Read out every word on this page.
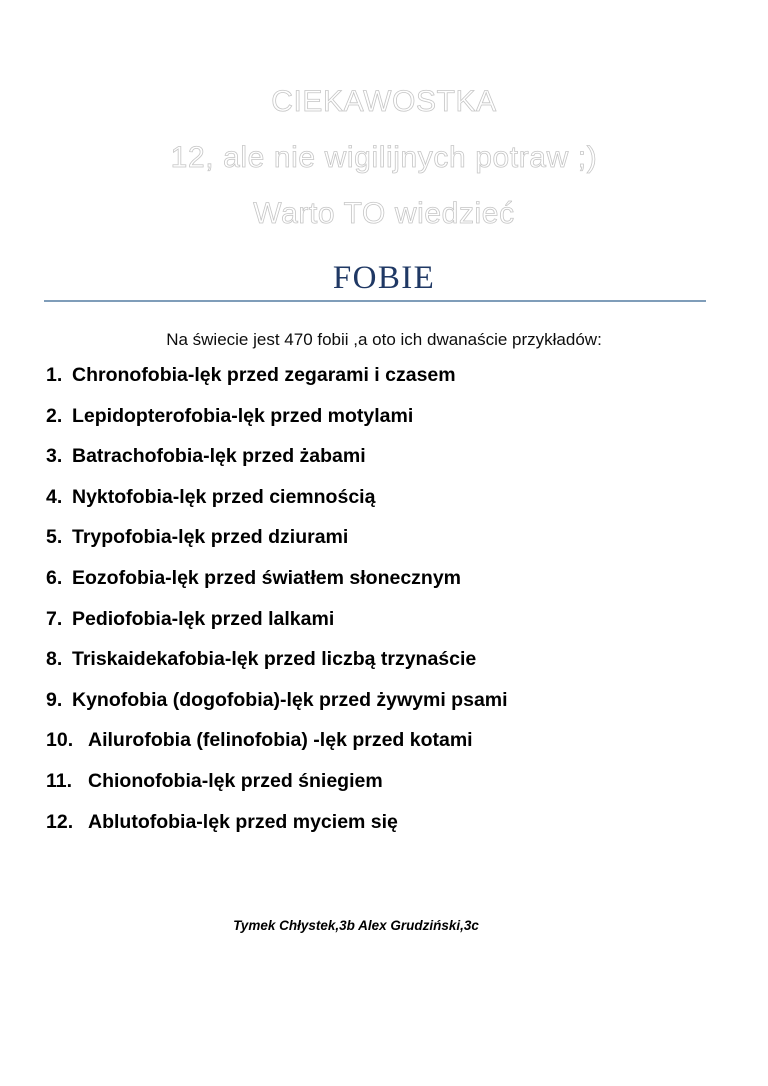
CIEKAWOSTKA
12, ale nie wigilijnych potraw ;)
Warto TO wiedzieć
FOBIE
Na świecie jest 470 fobii ,a oto ich dwanaście przykładów:
1. Chronofobia-lęk przed zegarami i czasem
2. Lepidopterofobia-lęk przed motylami
3. Batrachofobia-lęk przed żabami
4. Nyktofobia-lęk przed ciemnością
5. Trypofobia-lęk przed dziurami
6. Eozofobia-lęk przed światłem słonecznym
7. Pediofobia-lęk przed lalkami
8. Triskaidekafobia-lęk przed liczbą trzynaście
9. Kynofobia (dogofobia)-lęk przed żywymi psami
10. Ailurofobia (felinofobia) -lęk przed kotami
11. Chionofobia-lęk przed śniegiem
12. Ablutofobia-lęk przed myciem się
Tymek Chłystek,3b Alex Grudziński,3c
